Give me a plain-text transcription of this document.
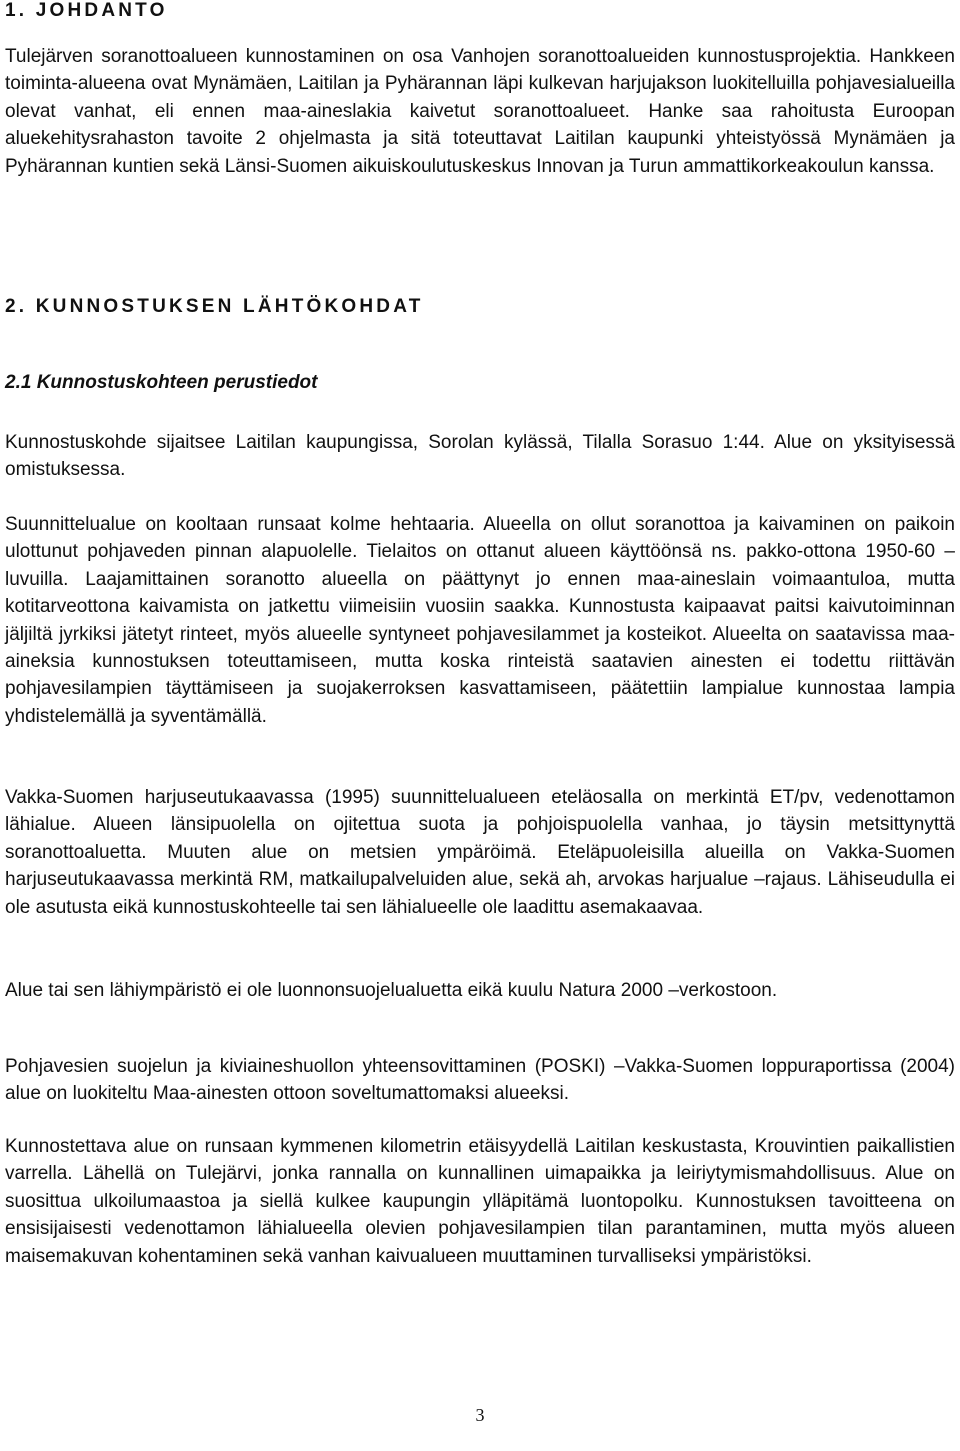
1. JOHDANTO

Tulejärven soranottoalueen kunnostaminen on osa Vanhojen soranottoalueiden kunnostusprojektia. Hankkeen toiminta-alueena ovat Mynämäen, Laitilan ja Pyhärannan läpi kulkevan harjujakson luokitelluilla pohjavesialueilla olevat vanhat, eli ennen maa-aineslakia kaivetut soranottoalueet. Hanke saa rahoitusta Euroopan aluekehitysrahaston tavoite 2 ohjelmasta ja sitä toteuttavat Laitilan kaupunki yhteistyössä Mynämäen ja Pyhärannan kuntien sekä Länsi-Suomen aikuiskoulutuskeskus Innovan ja Turun ammattikorkeakoulun kanssa.

2. KUNNOSTUKSEN LÄHTÖKOHDAT
2.1 Kunnostuskohteen perustiedot

Kunnostuskohde sijaitsee Laitilan kaupungissa, Sorolan kylässä, Tilalla Sorasuo 1:44. Alue on yksityisessä omistuksessa.

Suunnittelualue on kooltaan runsaat kolme hehtaaria. Alueella on ollut soranottoa ja kaivaminen on paikoin ulottunut pohjaveden pinnan alapuolelle. Tielaitos on ottanut alueen käyttöönsä ns. pakko-ottona 1950-60 –luvuilla. Laajamittainen soranotto alueella on päättynyt jo ennen maa-aineslain voimaantuloa, mutta kotitarveottona kaivamista on jatkettu viimeisiin vuosiin saakka. Kunnostusta kaipaavat paitsi kaivutoiminnan jäljiltä jyrkiksi jätetyt rinteet, myös alueelle syntyneet pohjavesilammet ja kosteikot. Alueelta on saatavissa maa-aineksia kunnostuksen toteuttamiseen, mutta koska rinteistä saatavien ainesten ei todettu riittävän pohjavesilampien täyttämiseen ja suojakerroksen kasvattamiseen, päätettiin lampialue kunnostaa lampia yhdistelemällä ja syventämällä.

Vakka-Suomen harjuseutukaavassa (1995) suunnittelualueen eteläosalla on merkintä ET/pv, vedenottamon lähialue. Alueen länsipuolella on ojitettua suota ja pohjoispuolella vanhaa, jo täysin metsittynyttä soranottoaluetta. Muuten alue on metsien ympäröimä. Eteläpuoleisilla alueilla on Vakka-Suomen harjuseutukaavassa merkintä RM, matkailupalveluiden alue, sekä ah, arvokas harjualue –rajaus. Lähiseudulla ei ole asutusta eikä kunnostuskohteelle tai sen lähialueelle ole laadittu asemakaavaa.

Alue tai sen lähiympäristö ei ole luonnonsuojelualuetta eikä kuulu Natura 2000 –verkostoon.

Pohjavesien suojelun ja kiviaineshuollon yhteensovittaminen (POSKI) –Vakka-Suomen loppuraportissa (2004) alue on luokiteltu Maa-ainesten ottoon soveltumattomaksi alueeksi.

Kunnostettava alue on runsaan kymmenen kilometrin etäisyydellä Laitilan keskustasta, Krouvintien paikallistien varrella. Lähellä on Tulejärvi, jonka rannalla on kunnallinen uimapaikka ja leiriytymismahdollisuus. Alue on suosittua ulkoilumaastoa ja siellä kulkee kaupungin ylläpitämä luontopolku. Kunnostuksen tavoitteena on ensisijaisesti vedenottamon lähialueella olevien pohjavesilampien tilan parantaminen, mutta myös alueen maisemakuvan kohentaminen sekä vanhan kaivualueen muuttaminen turvalliseksi ympäristöksi.

3
